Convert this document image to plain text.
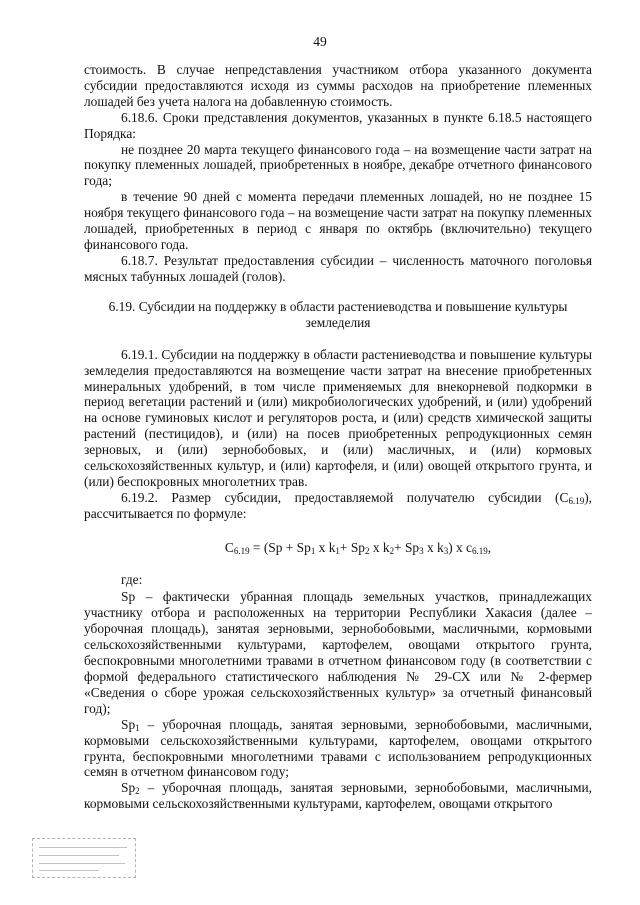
49

стоимость. В случае непредставления участником отбора указанного документа субсидии предоставляются исходя из суммы расходов на приобретение племенных лошадей без учета налога на добавленную стоимость.

6.18.6. Сроки представления документов, указанных в пункте 6.18.5 настоящего Порядка:

не позднее 20 марта текущего финансового года – на возмещение части затрат на покупку племенных лошадей, приобретенных в ноябре, декабре отчетного финансового года;

в течение 90 дней с момента передачи племенных лошадей, но не позднее 15 ноября текущего финансового года – на возмещение части затрат на покупку племенных лошадей, приобретенных в период с января по октябрь (включительно) текущего финансового года.

6.18.7. Результат предоставления субсидии – численность маточного поголовья мясных табунных лошадей (голов).

6.19. Субсидии на поддержку в области растениеводства и повышение культуры земледелия

6.19.1. Субсидии на поддержку в области растениеводства и повышение культуры земледелия предоставляются на возмещение части затрат на внесение приобретенных минеральных удобрений, в том числе применяемых для внекорневой подкормки в период вегетации растений и (или) микробиологических удобрений, и (или) удобрений на основе гуминовых кислот и регуляторов роста, и (или) средств химической защиты растений (пестицидов), и (или) на посев приобретенных репродукционных семян зерновых, и (или) зернобобовых, и (или) масличных, и (или) кормовых сельскохозяйственных культур, и (или) картофеля, и (или) овощей открытого грунта, и (или) беспокровных многолетних трав.

6.19.2. Размер субсидии, предоставляемой получателю субсидии $(С_{6.19})$, рассчитывается по формуле:

$С_{6.19} = (Sp + Sp_1$ x $k_1+ Sp_2$ x $k_2+ Sp_3$ x $k_3$) x $c_{6.19}$,

где:

Sp – фактически убранная площадь земельных участков, принадлежащих участнику отбора и расположенных на территории Республики Хакасия (далее – уборочная площадь), занятая зерновыми, зернобобовыми, масличными, кормовыми сельскохозяйственными культурами, картофелем, овощами открытого грунта, беспокровными многолетними травами в отчетном финансовом году (в соответствии с формой федерального статистического наблюдения № 29-СХ или № 2-фермер «Сведения о сборе урожая сельскохозяйственных культур» за отчетный финансовый год);

$Sp_1$ – уборочная площадь, занятая зерновыми, зернобобовыми, масличными, кормовыми сельскохозяйственными культурами, картофелем, овощами открытого грунта, беспокровными многолетними травами с использованием репродукционных семян в отчетном финансовом году;

$Sp_2$ – уборочная площадь, занятая зерновыми, зернобобовыми, масличными, кормовыми сельскохозяйственными культурами, картофелем, овощами открытого
